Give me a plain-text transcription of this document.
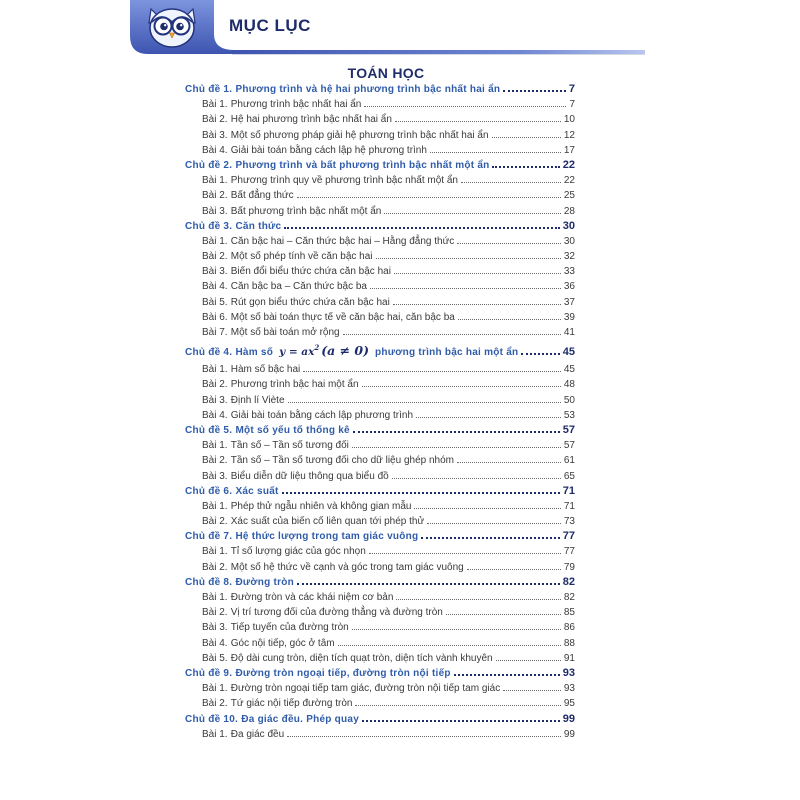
MỤC LỤC
TOÁN HỌC
Chủ đề 1. Phương trình và hệ hai phương trình bậc nhất hai ẩn	7
Bài 1. Phương trình bậc nhất hai ẩn	7
Bài 2. Hệ hai phương trình bậc nhất hai ẩn	10
Bài 3. Một số phương pháp giải hệ phương trình bậc nhất hai ẩn	12
Bài 4. Giải bài toán bằng cách lập hệ phương trình	17
Chủ đề 2. Phương trình và bất phương trình bậc nhất một ẩn	22
Bài 1. Phương trình quy về phương trình bậc nhất một ẩn	22
Bài 2. Bất đẳng thức	25
Bài 3. Bất phương trình bậc nhất một ẩn	28
Chủ đề 3. Căn thức	30
Bài 1. Căn bậc hai – Căn thức bậc hai – Hằng đẳng thức	30
Bài 2. Một số phép tính về căn bậc hai	32
Bài 3. Biến đổi biểu thức chứa căn bậc hai	33
Bài 4. Căn bậc ba – Căn thức bậc ba	36
Bài 5. Rút gọn biểu thức chứa căn bậc hai	37
Bài 6. Một số bài toán thực tế về căn bậc hai, căn bậc ba	39
Bài 7. Một số bài toán mở rộng	41
Chủ đề 4. Hàm số $y = ax^2$ (a ≠ 0) phương trình bậc hai một ẩn	45
Bài 1. Hàm số bậc hai	45
Bài 2. Phương trình bậc hai một ẩn	48
Bài 3. Định lí Viète	50
Bài 4. Giải bài toán bằng cách lập phương trình	53
Chủ đề 5. Một số yếu tố thống kê	57
Bài 1. Tần số – Tần số tương đối	57
Bài 2. Tần số – Tần số tương đối cho dữ liệu ghép nhóm	61
Bài 3. Biểu diễn dữ liệu thông qua biểu đồ	65
Chủ đề 6. Xác suất	71
Bài 1. Phép thử ngẫu nhiên và không gian mẫu	71
Bài 2. Xác suất của biến cố liên quan tới phép thử	73
Chủ đề 7. Hệ thức lượng trong tam giác vuông	77
Bài 1. Tỉ số lượng giác của góc nhọn	77
Bài 2. Một số hệ thức về cạnh và góc trong tam giác vuông	79
Chủ đề 8. Đường tròn	82
Bài 1. Đường tròn và các khái niệm cơ bản	82
Bài 2. Vị trí tương đối của đường thẳng và đường tròn	85
Bài 3. Tiếp tuyến của đường tròn	86
Bài 4. Góc nội tiếp, góc ở tâm	88
Bài 5. Độ dài cung tròn, diện tích quạt tròn, diện tích vành khuyên	91
Chủ đề 9. Đường tròn ngoại tiếp, đường tròn nội tiếp	93
Bài 1. Đường tròn ngoại tiếp tam giác, đường tròn nội tiếp tam giác	93
Bài 2. Tứ giác nội tiếp đường tròn	95
Chủ đề 10. Đa giác đều. Phép quay	99
Bài 1. Đa giác đều	99
